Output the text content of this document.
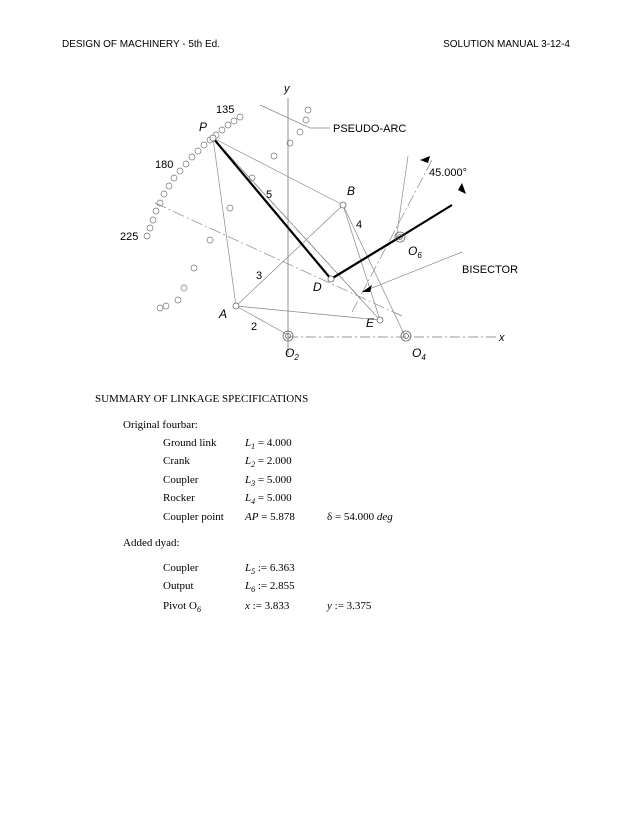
DESIGN OF MACHINERY - 5th Ed.	SOLUTION MANUAL 3-12-4
y
x
135
180
225
P
A
B
D
E
2
3
4
5
$O_2$	$O_4$
$O_6$
PSEUDO-ARC
BISECTOR
45.000°
SUMMARY OF LINKAGE SPECIFICATIONS
Original fourbar:
Ground link	$L_1 = 4.000$
Crank	$L_2 = 2.000$
Coupler	$L_3 = 5.000$
Rocker	$L_4 = 5.000$
Coupler point AP = 5.878	δ = 54.000 deg
Added dyad:
Coupler	$L_5$ := 6.363
Output	$L_6$ := 2.855
Pivot $O_6$	x := 3.833	y := 3.375
